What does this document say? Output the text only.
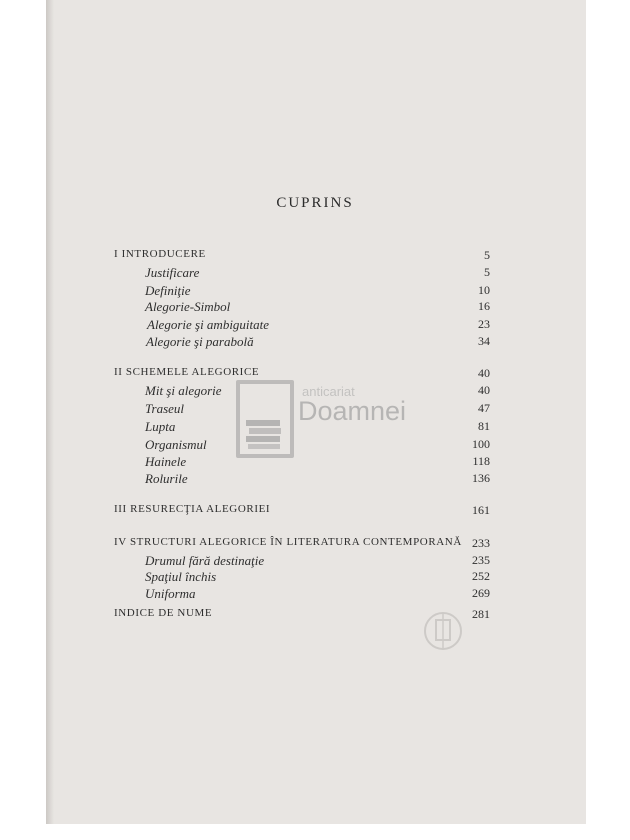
CUPRINS
I INTRODUCERE	5
Justificare	5
Definiţie	10
Alegorie-Simbol	16
Alegorie şi ambiguitate	23
Alegorie şi parabolă	34
II SCHEMELE ALEGORICE	40
Mit şi alegorie	40
Traseul	47
Lupta	81
Organismul	100
Hainele	118
Rolurile	136
III RESURECŢIA ALEGORIEI	161
IV STRUCTURI ALEGORICE ÎN LITERATURA CONTEMPORANĂ 233
Drumul fără destinaţie	235
Spaţiul închis	252
Uniforma	269
INDICE DE NUME	281
anticariat
Doamnei
